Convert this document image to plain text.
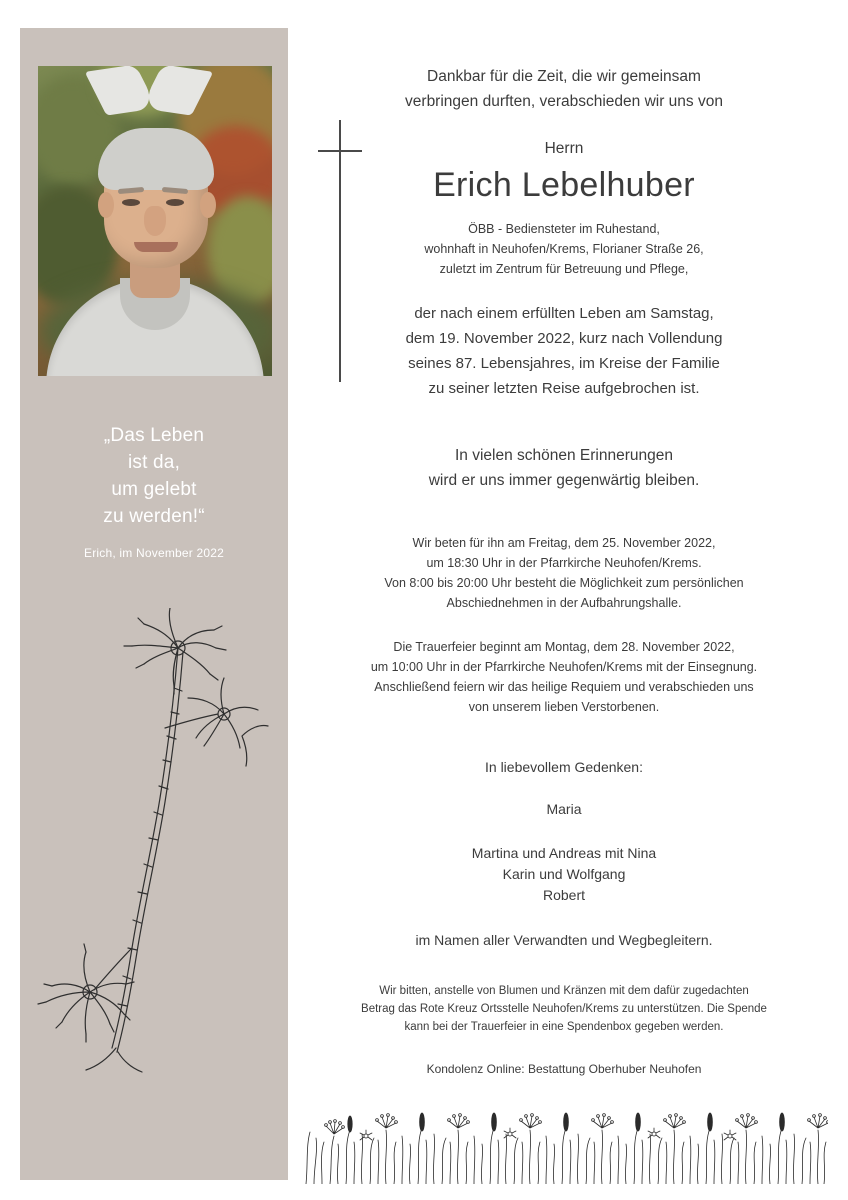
„Das Leben
ist da,
um gelebt
zu werden!“
Erich, im November 2022
Dankbar für die Zeit, die wir gemeinsam
verbringen durften, verabschieden wir uns von
Herrn
Erich Lebelhuber
ÖBB - Bediensteter im Ruhestand,
wohnhaft in Neuhofen/Krems, Florianer Straße 26,
zuletzt im Zentrum für Betreuung und Pflege,
der nach einem erfüllten Leben am Samstag,
dem 19. November 2022, kurz nach Vollendung
seines 87. Lebensjahres, im Kreise der Familie
zu seiner letzten Reise aufgebrochen ist.
In vielen schönen Erinnerungen
wird er uns immer gegenwärtig bleiben.
Wir beten für ihn am Freitag, dem 25. November 2022,
um 18:30 Uhr in der Pfarrkirche Neuhofen/Krems.
Von 8:00 bis 20:00 Uhr besteht die Möglichkeit zum persönlichen
Abschiednehmen in der Aufbahrungshalle.
Die Trauerfeier beginnt am Montag, dem 28. November 2022,
um 10:00 Uhr in der Pfarrkirche Neuhofen/Krems mit der Einsegnung.
Anschließend feiern wir das heilige Requiem und verabschieden uns
von unserem lieben Verstorbenen.
In liebevollem Gedenken:
Maria
Martina und Andreas mit Nina
Karin und Wolfgang
Robert
im Namen aller Verwandten und Wegbegleitern.
Wir bitten, anstelle von Blumen und Kränzen mit dem dafür zugedachten
Betrag das Rote Kreuz Ortsstelle Neuhofen/Krems zu unterstützen. Die Spende
kann bei der Trauerfeier in eine Spendenbox gegeben werden.
Kondolenz Online: Bestattung Oberhuber Neuhofen
